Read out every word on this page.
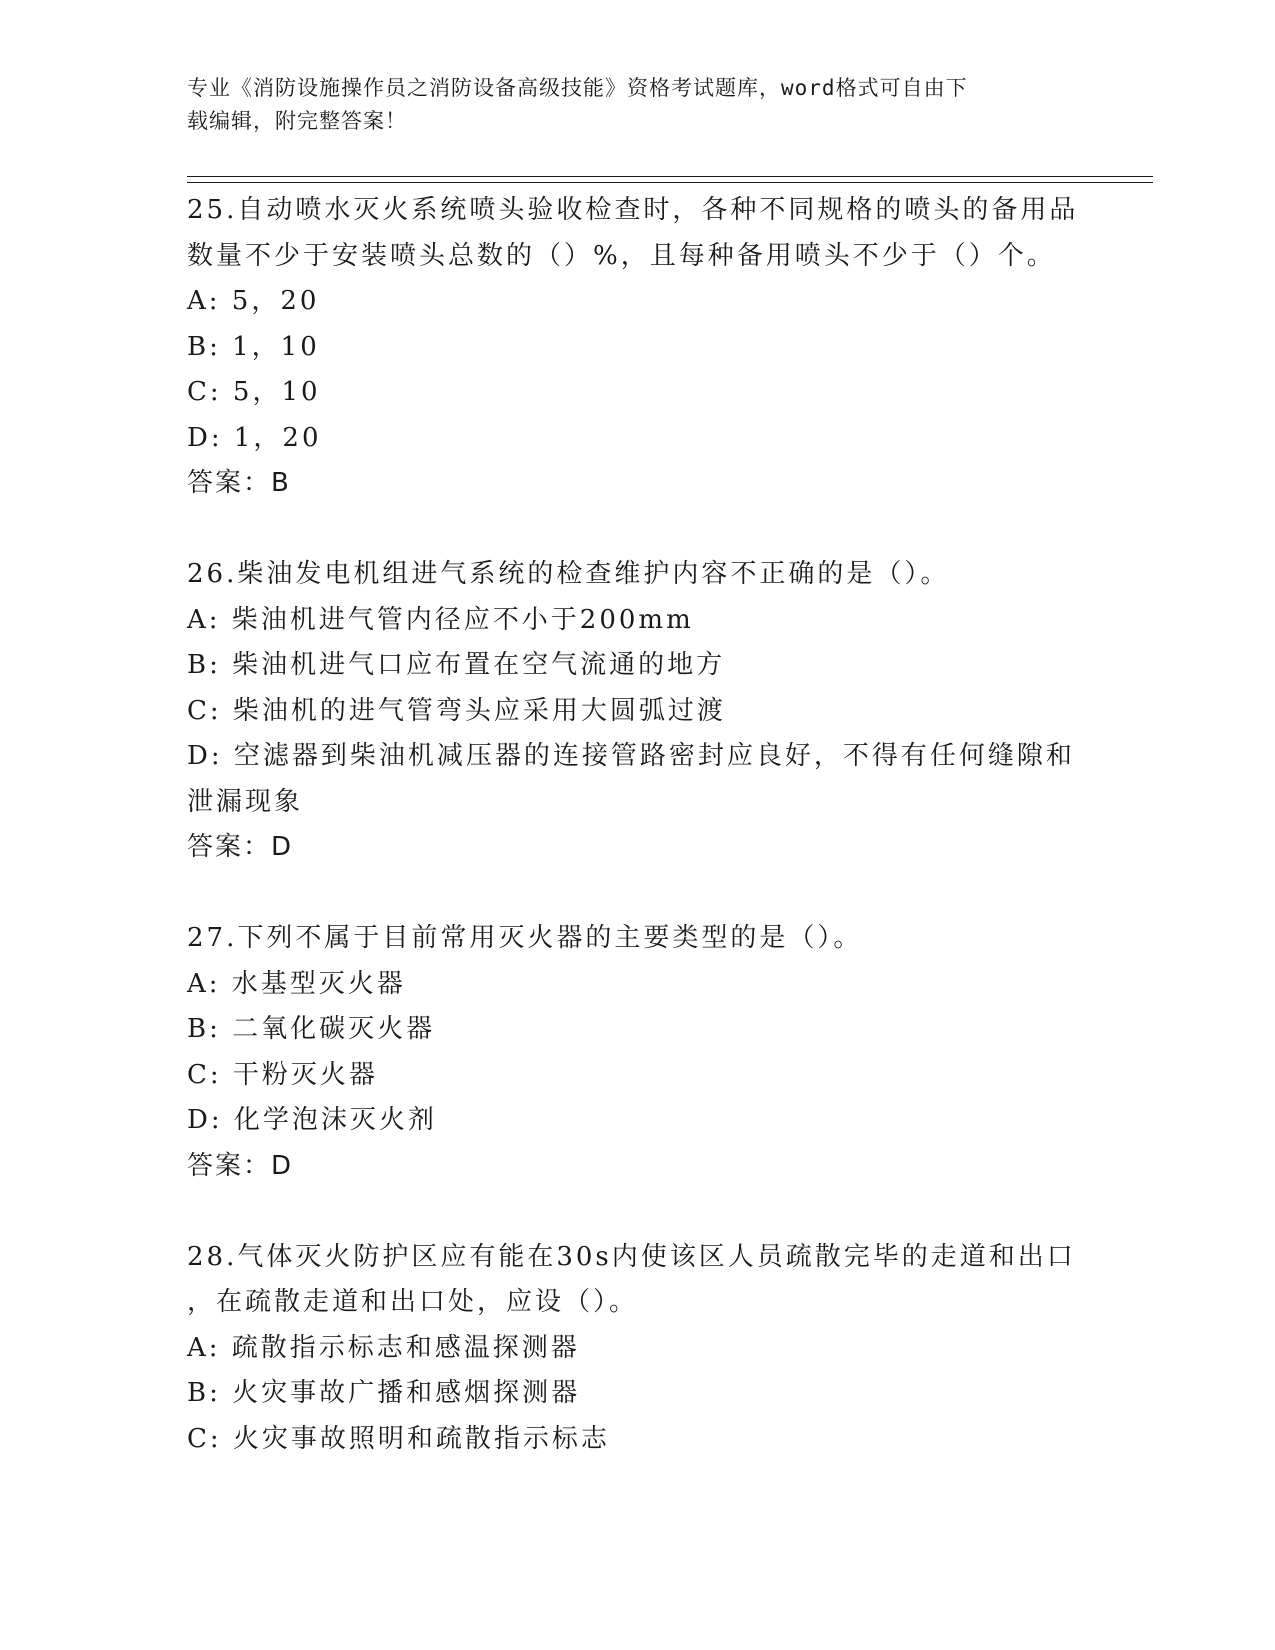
专业《消防设施操作员之消防设备高级技能》资格考试题库，word格式可自由下
载编辑，附完整答案！
25.自动喷水灭火系统喷头验收检查时，各种不同规格的喷头的备用品
数量不少于安装喷头总数的（）%，且每种备用喷头不少于（）个。
A: 5，20
B: 1，10
C: 5，10
D: 1，20
答案：B
26.柴油发电机组进气系统的检查维护内容不正确的是（）。
A: 柴油机进气管内径应不小于200mm
B: 柴油机进气口应布置在空气流通的地方
C: 柴油机的进气管弯头应采用大圆弧过渡
D: 空滤器到柴油机减压器的连接管路密封应良好，不得有任何缝隙和
泄漏现象
答案：D
27.下列不属于目前常用灭火器的主要类型的是（）。
A: 水基型灭火器
B: 二氧化碳灭火器
C: 干粉灭火器
D: 化学泡沫灭火剂
答案：D
28.气体灭火防护区应有能在30s内使该区人员疏散完毕的走道和出口
，在疏散走道和出口处，应设（）。
A: 疏散指示标志和感温探测器
B: 火灾事故广播和感烟探测器
C: 火灾事故照明和疏散指示标志
